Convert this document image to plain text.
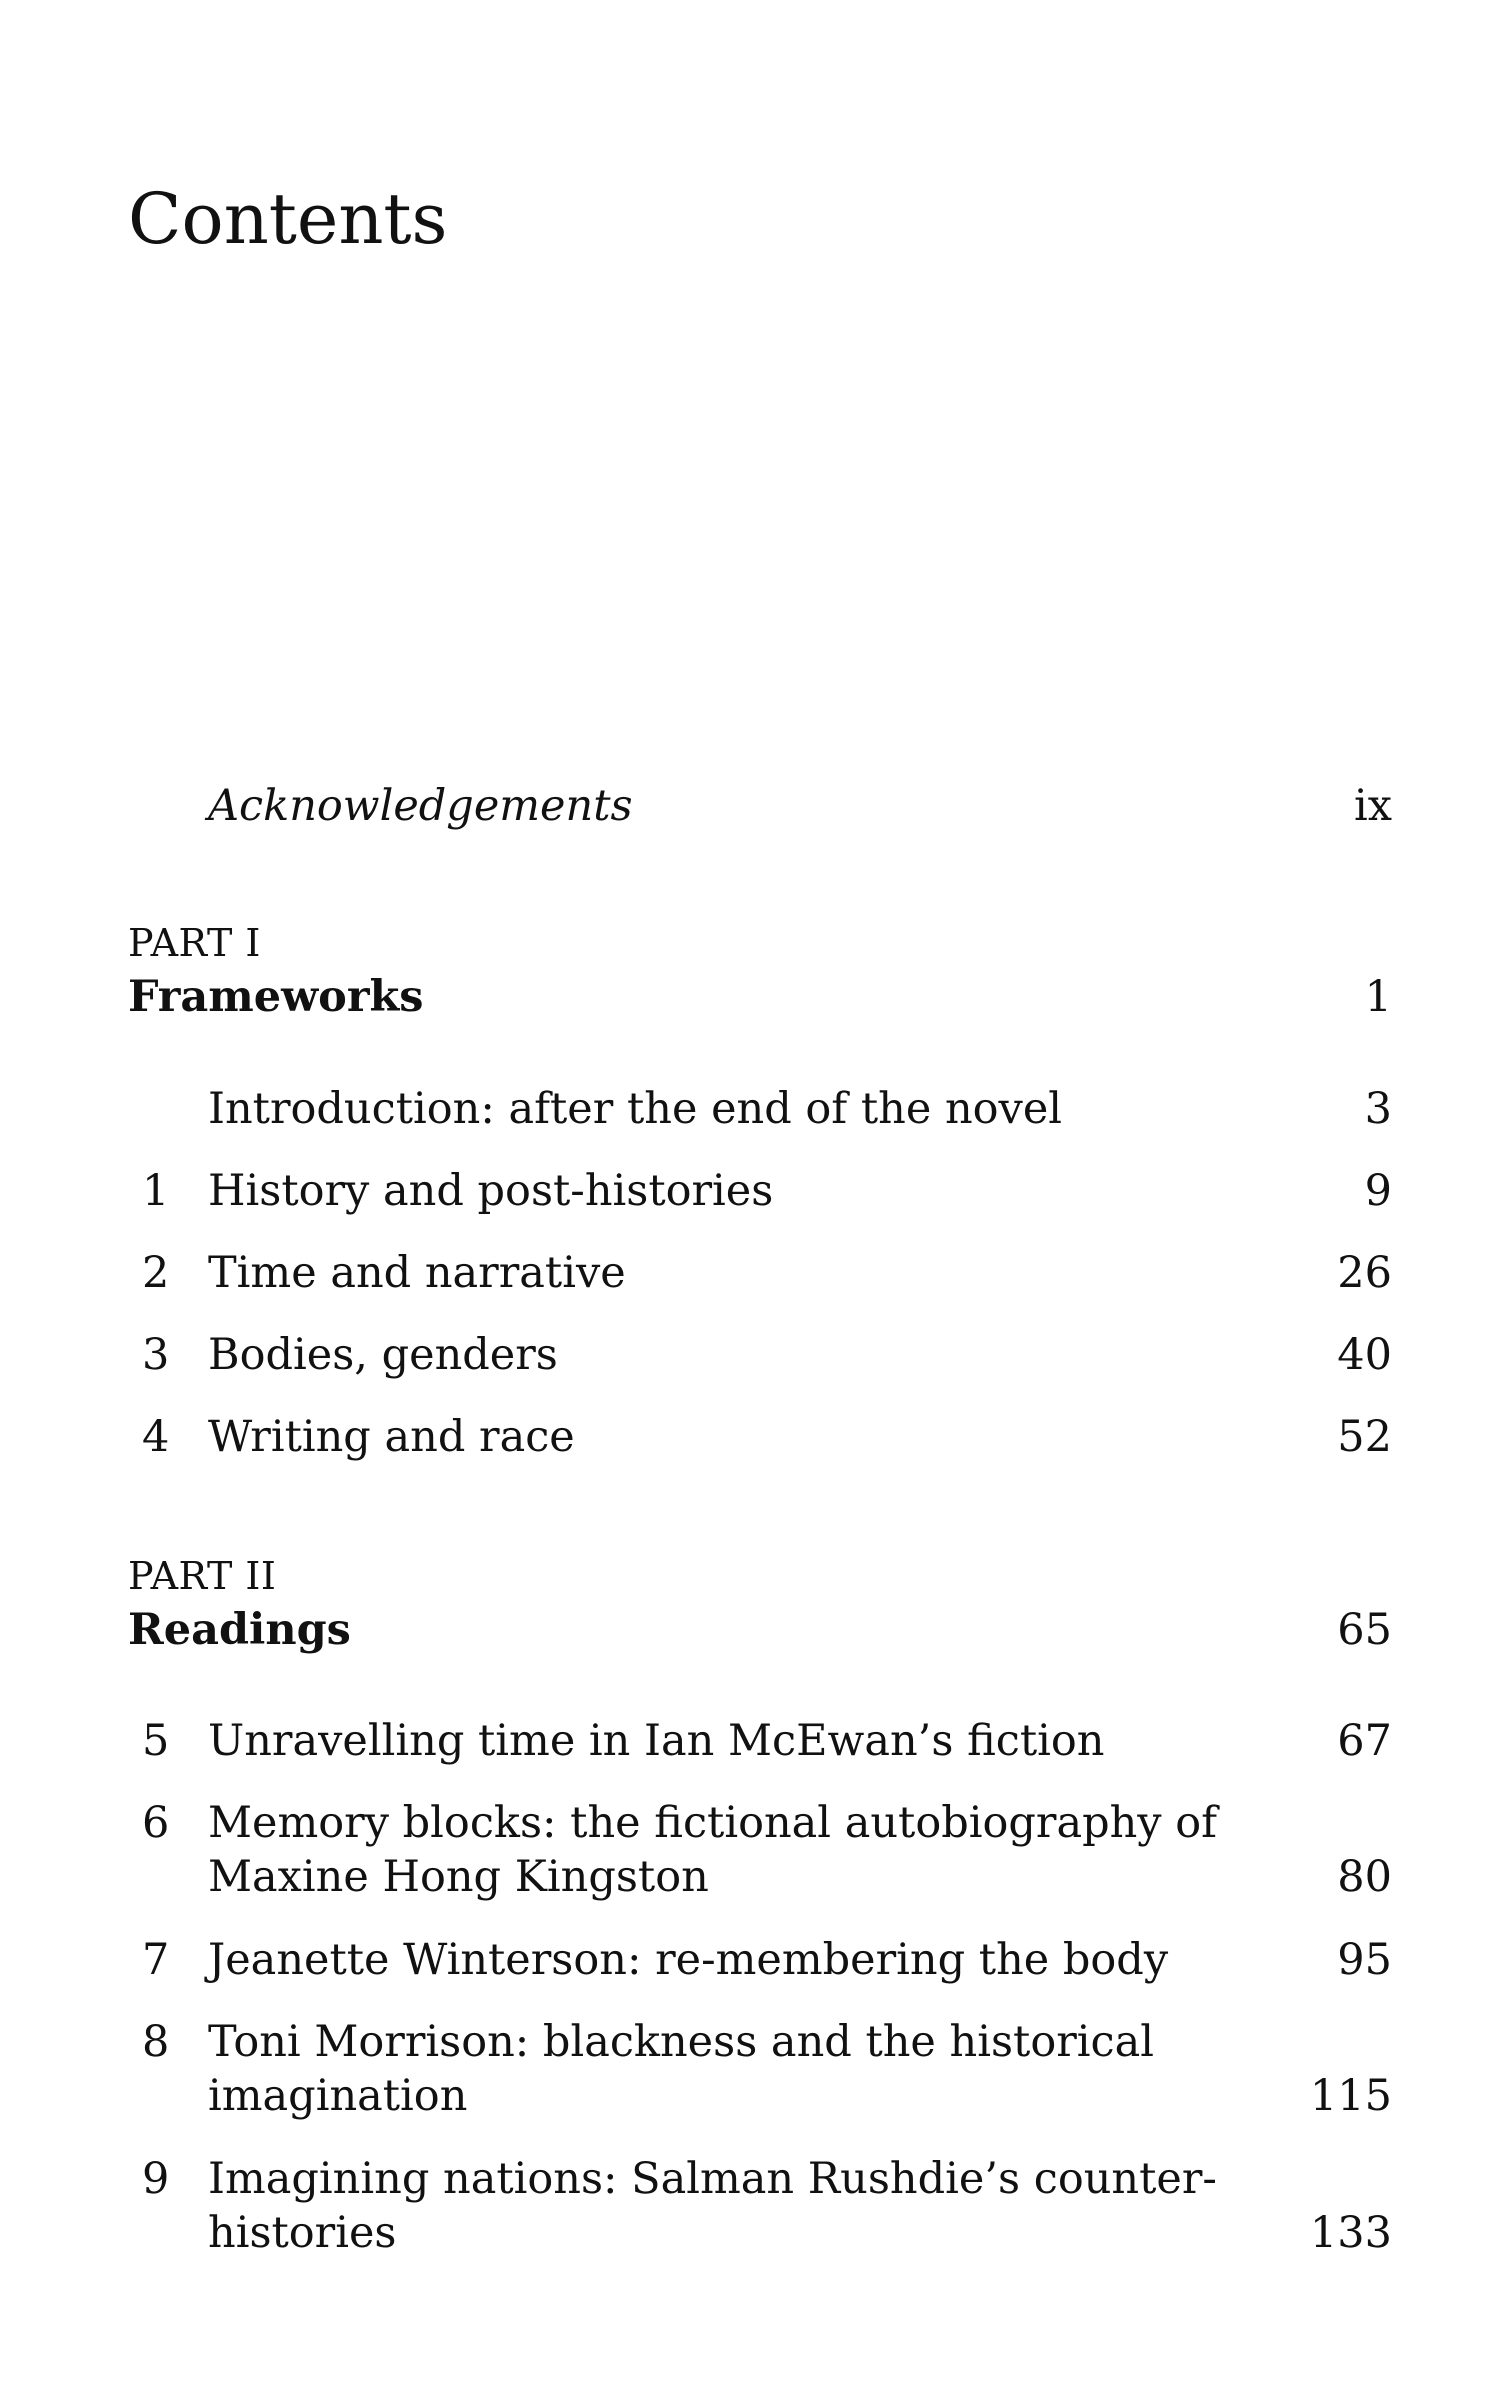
Contents
Acknowledgements	ix
PART I
Frameworks	1
Introduction: after the end of the novel	3
1 History and post-histories	9
2 Time and narrative	26
3 Bodies, genders	40
4 Writing and race	52
PART II
Readings	65
5 Unravelling time in Ian McEwan’s fiction	67
6 Memory blocks: the fictional autobiography of
Maxine Hong Kingston	80
7 Jeanette Winterson: re-membering the body	95
8 Toni Morrison: blackness and the historical
imagination	115
9 Imagining nations: Salman Rushdie’s counter-
histories	133
